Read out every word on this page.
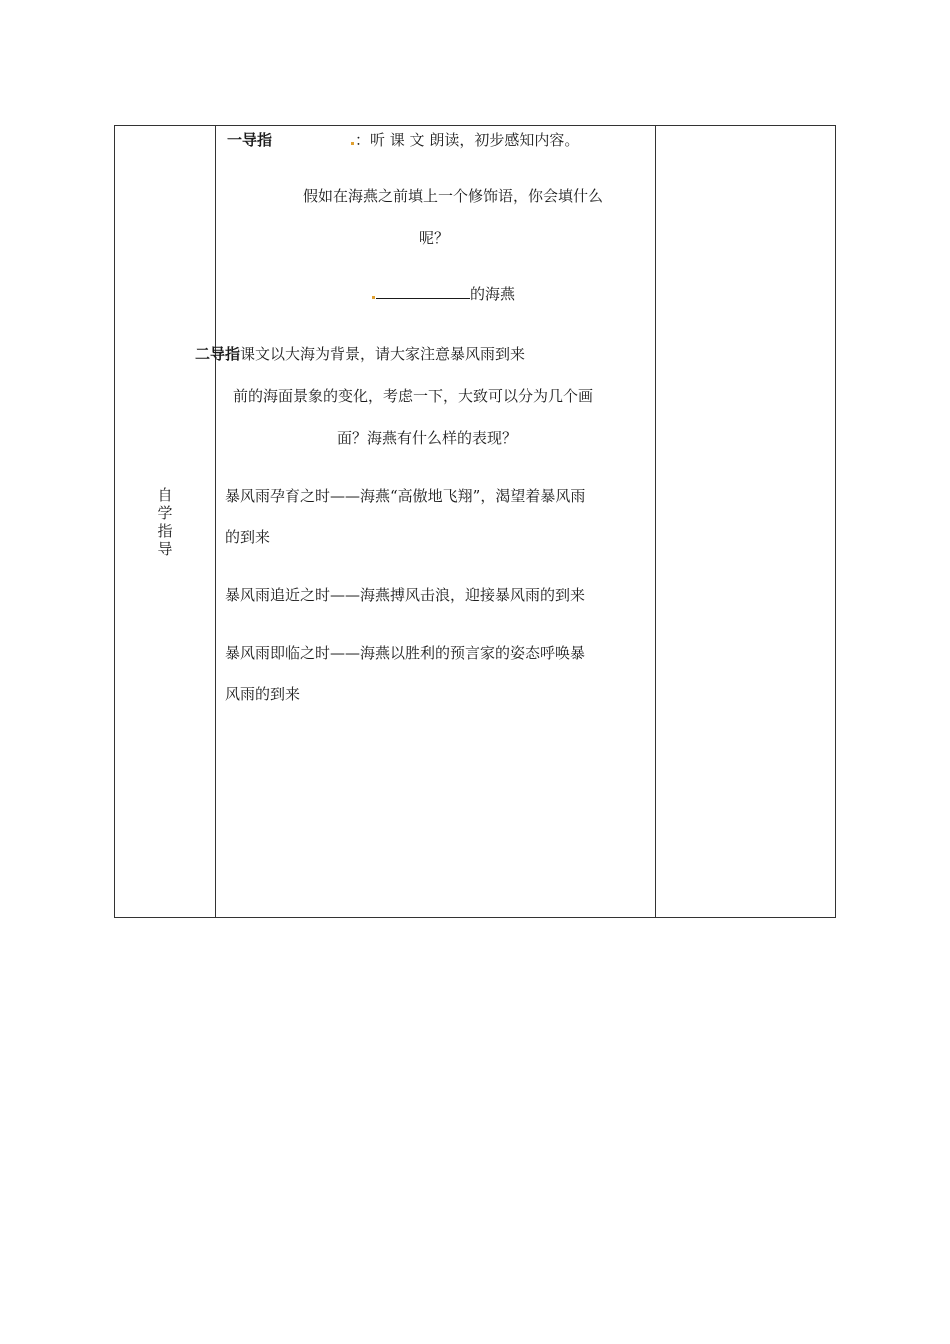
自
学
指
导
一导指	：听 课 文 朗读，初步感知内容。
假如在海燕之前填上一个修饰语，你会填什么
呢？
的海燕
二导指课文以大海为背景，请大家注意暴风雨到来
前的海面景象的变化，考虑一下，大致可以分为几个画
面？海燕有什么样的表现？
暴风雨孕育之时——海燕“高傲地飞翔”，渴望着暴风雨
的到来
暴风雨追近之时——海燕搏风击浪，迎接暴风雨的到来
暴风雨即临之时——海燕以胜利的预言家的姿态呼唤暴
风雨的到来
